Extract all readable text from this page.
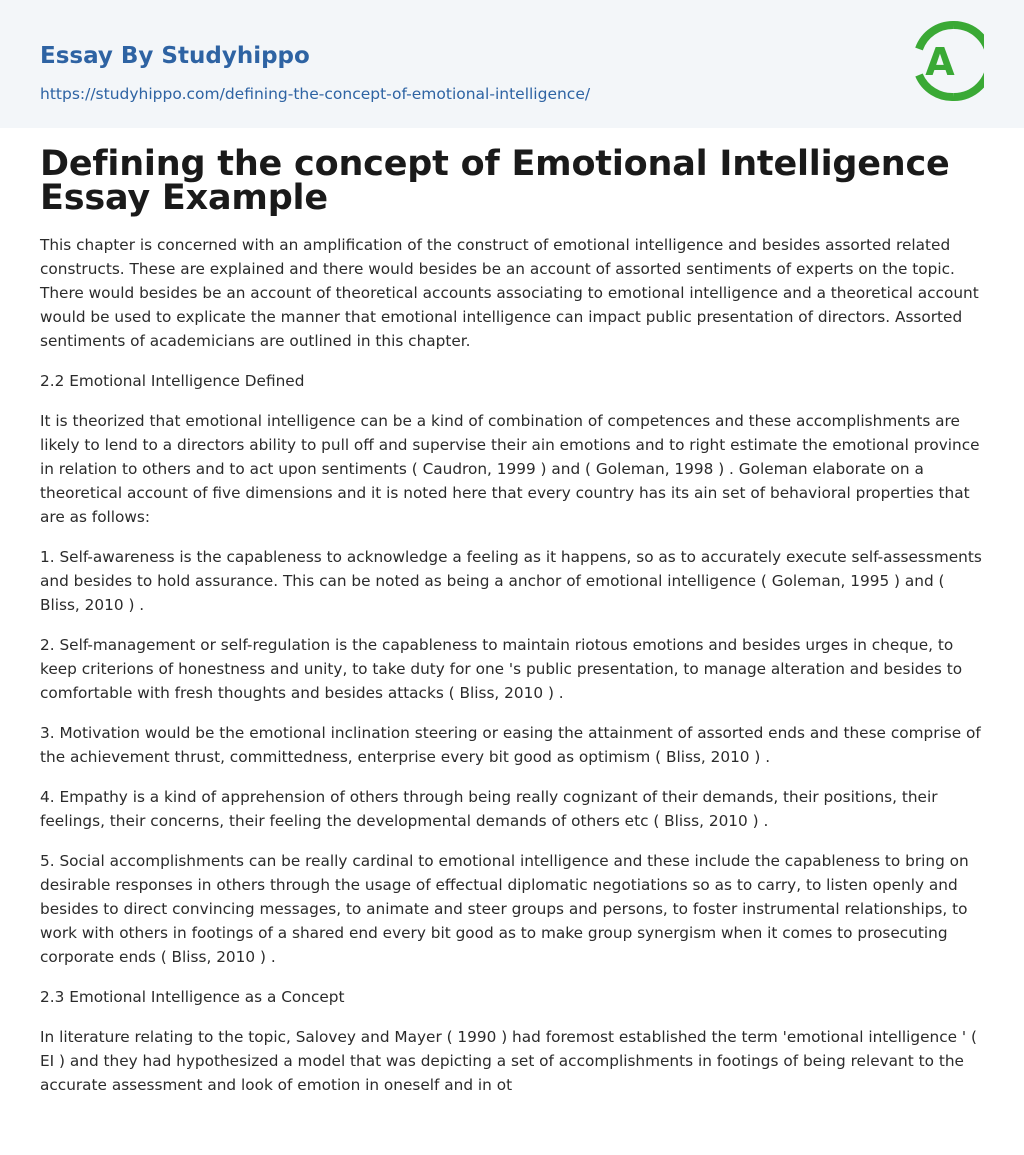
Essay By Studyhippo
https://studyhippo.com/defining-the-concept-of-emotional-intelligence/
A
Defining the concept of Emotional Intelligence Essay Example

This chapter is concerned with an amplification of the construct of emotional intelligence and besides assorted related constructs. These are explained and there would besides be an account of assorted sentiments of experts on the topic. There would besides be an account of theoretical accounts associating to emotional intelligence and a theoretical account would be used to explicate the manner that emotional intelligence can impact public presentation of directors. Assorted sentiments of academicians are outlined in this chapter.

2.2 Emotional Intelligence Defined

It is theorized that emotional intelligence can be a kind of combination of competences and these accomplishments are likely to lend to a directors ability to pull off and supervise their ain emotions and to right estimate the emotional province in relation to others and to act upon sentiments ( Caudron, 1999 ) and ( Goleman, 1998 ) . Goleman elaborate on a theoretical account of five dimensions and it is noted here that every country has its ain set of behavioral properties that are as follows:

1. Self-awareness is the capableness to acknowledge a feeling as it happens, so as to accurately execute self-assessments and besides to hold assurance. This can be noted as being a anchor of emotional intelligence ( Goleman, 1995 ) and ( Bliss, 2010 ) .

2. Self-management or self-regulation is the capableness to maintain riotous emotions and besides urges in cheque, to keep criterions of honestness and unity, to take duty for one 's public presentation, to manage alteration and besides to comfortable with fresh thoughts and besides attacks ( Bliss, 2010 ) .

3. Motivation would be the emotional inclination steering or easing the attainment of assorted ends and these comprise of the achievement thrust, committedness, enterprise every bit good as optimism ( Bliss, 2010 ) .

4. Empathy is a kind of apprehension of others through being really cognizant of their demands, their positions, their feelings, their concerns, their feeling the developmental demands of others etc ( Bliss, 2010 ) .

5. Social accomplishments can be really cardinal to emotional intelligence and these include the capableness to bring on desirable responses in others through the usage of effectual diplomatic negotiations so as to carry, to listen openly and besides to direct convincing messages, to animate and steer groups and persons, to foster instrumental relationships, to work with others in footings of a shared end every bit good as to make group synergism when it comes to prosecuting corporate ends ( Bliss, 2010 ) .

2.3 Emotional Intelligence as a Concept

In literature relating to the topic, Salovey and Mayer ( 1990 ) had foremost established the term 'emotional intelligence ' ( EI ) and they had hypothesized a model that was depicting a set of accomplishments in footings of being relevant to the accurate assessment and look of emotion in oneself and in ot
